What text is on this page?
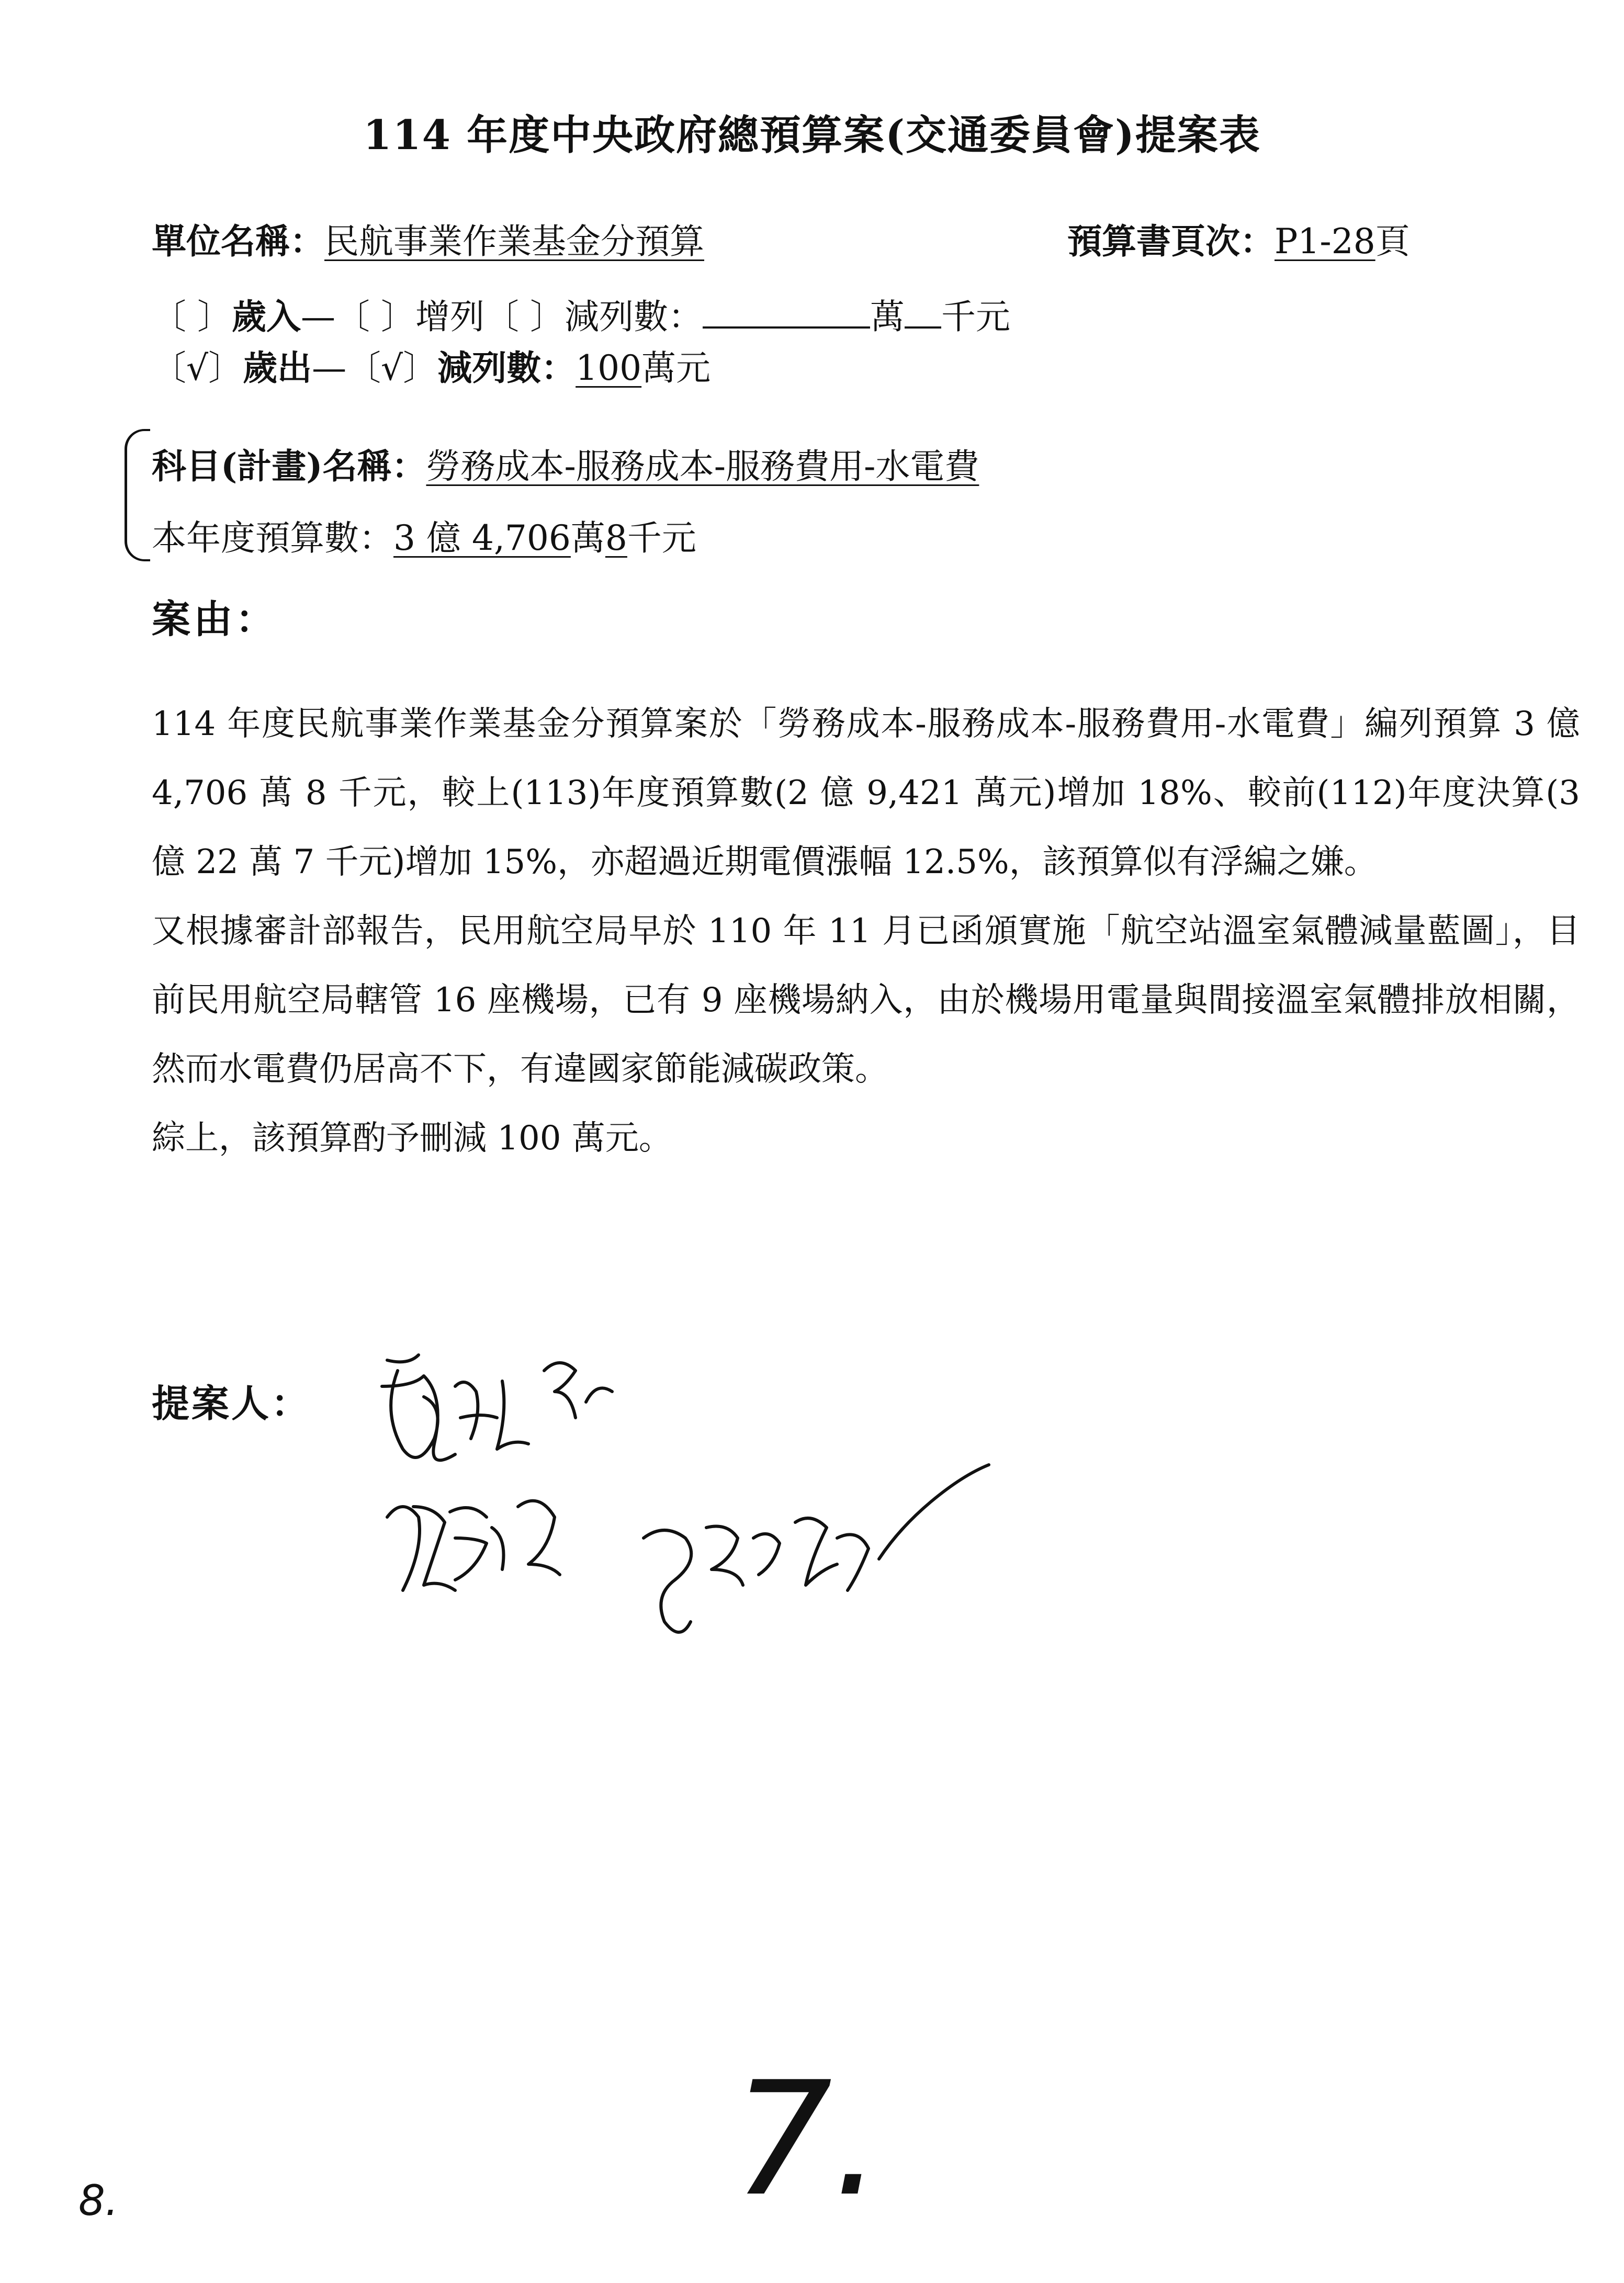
114 年度中央政府總預算案(交通委員會)提案表
單位名稱：民航事業作業基金分預算	預算書頁次：P1-28頁
〔 〕歲入—〔 〕增列〔 〕減列數：	萬 千元
〔√〕歲出—〔√〕減列數：100萬元
科目(計畫)名稱：勞務成本-服務成本-服務費用-水電費
本年度預算數：3 億 4,706萬8千元
案由：

114 年度民航事業作業基金分預算案於「勞務成本-服務成本-服務費用-水電費」編列預算 3 億 4,706 萬 8 千元，較上(113)年度預算數(2 億 9,421 萬元)增加 18%、較前(112)年度決算(3 億 22 萬 7 千元)增加 15%，亦超過近期電價漲幅 12.5%，該預算似有浮編之嫌。

又根據審計部報告，民用航空局早於 110 年 11 月已函頒實施「航空站溫室氣體減量藍圖」，目前民用航空局轄管 16 座機場，已有 9 座機場納入，由於機場用電量與間接溫室氣體排放相關，然而水電費仍居高不下，有違國家節能減碳政策。

綜上，該預算酌予刪減 100 萬元。

提案人：
7.
8.
